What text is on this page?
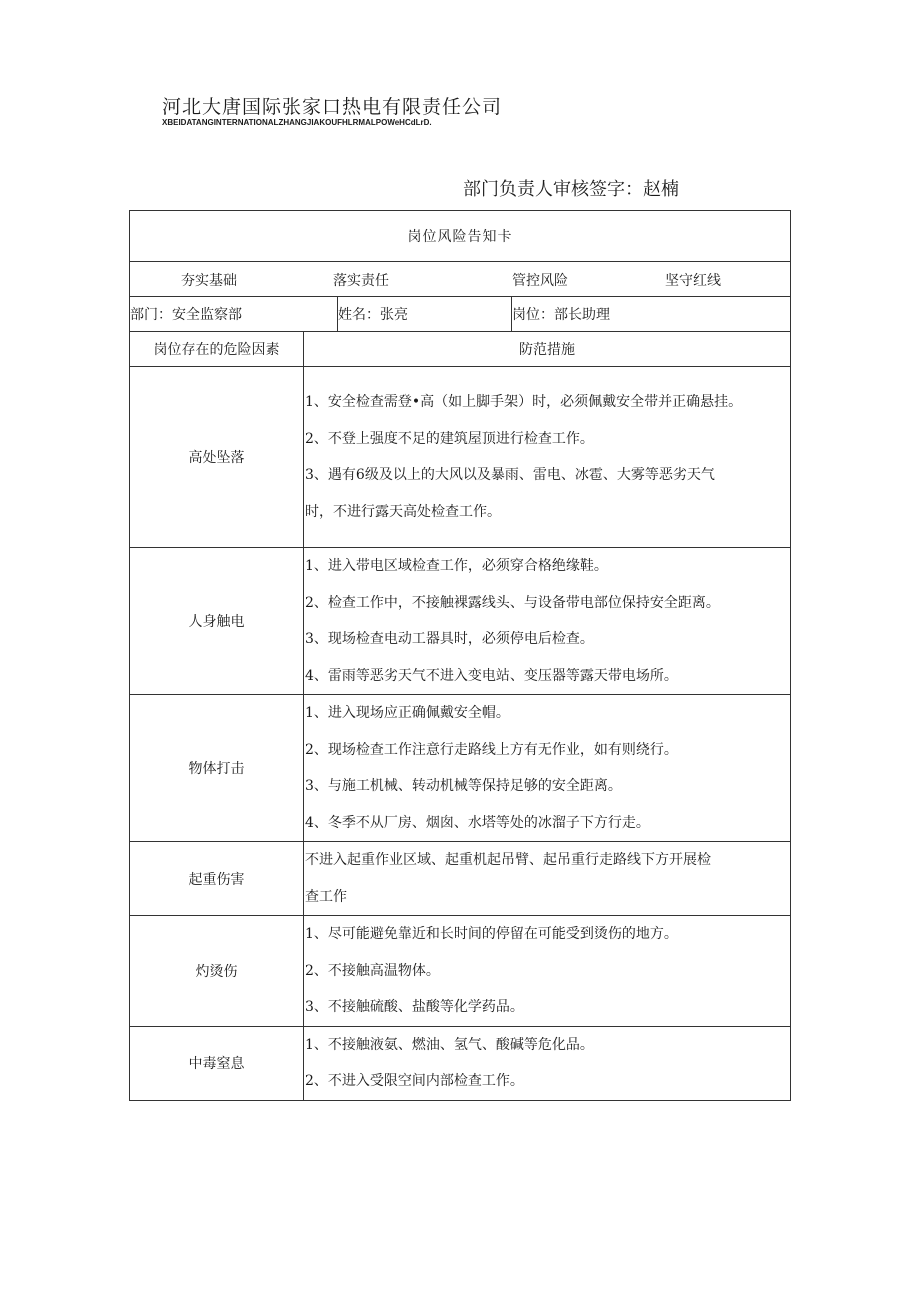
河北大唐国际张家口热电有限责任公司
XBEIDATANGINTERNATIONALZHANGJIAKOUFHLRMALPOWeHCdLrD.
部门负责人审核签字：赵楠
岗位风险告知卡			

夯实基础 落实责任 管控风险 坚守红线			

部门：安全监察部		姓名：张亮	岗位：部长助理
岗位存在的危险因素	防范措施		
高处坠落	1、安全检查需登•高（如上脚手架）时，必须佩戴安全带并正确悬挂。
2、不登上强度不足的建筑屋顶进行检查工作。
3、遇有6级及以上的大风以及暴雨、雷电、冰雹、大雾等恶劣天气
时，不进行露天高处检查工作。		

人身触电	1、进入带电区域检查工作，必须穿合格绝缘鞋。
2、检查工作中，不接触裸露线头、与设备带电部位保持安全距离。
3、现场检查电动工器具时，必须停电后检查。
4、雷雨等恶劣天气不进入变电站、变压器等露天带电场所。		

物体打击	1、进入现场应正确佩戴安全帽。
2、现场检查工作注意行走路线上方有无作业，如有则绕行。
3、与施工机械、转动机械等保持足够的安全距离。
4、冬季不从厂房、烟囱、水塔等处的冰溜子下方行走。		

起重伤害	不进入起重作业区域、起重机起吊臂、起吊重行走路线下方开展检
查工作		

灼烫伤	1、尽可能避免靠近和长时间的停留在可能受到烫伤的地方。
2、不接触高温物体。
3、不接触硫酸、盐酸等化学药品。		

中毒窒息	1、不接触液氨、燃油、氢气、酸碱等危化品。
2、不进入受限空间内部检查工作。		
